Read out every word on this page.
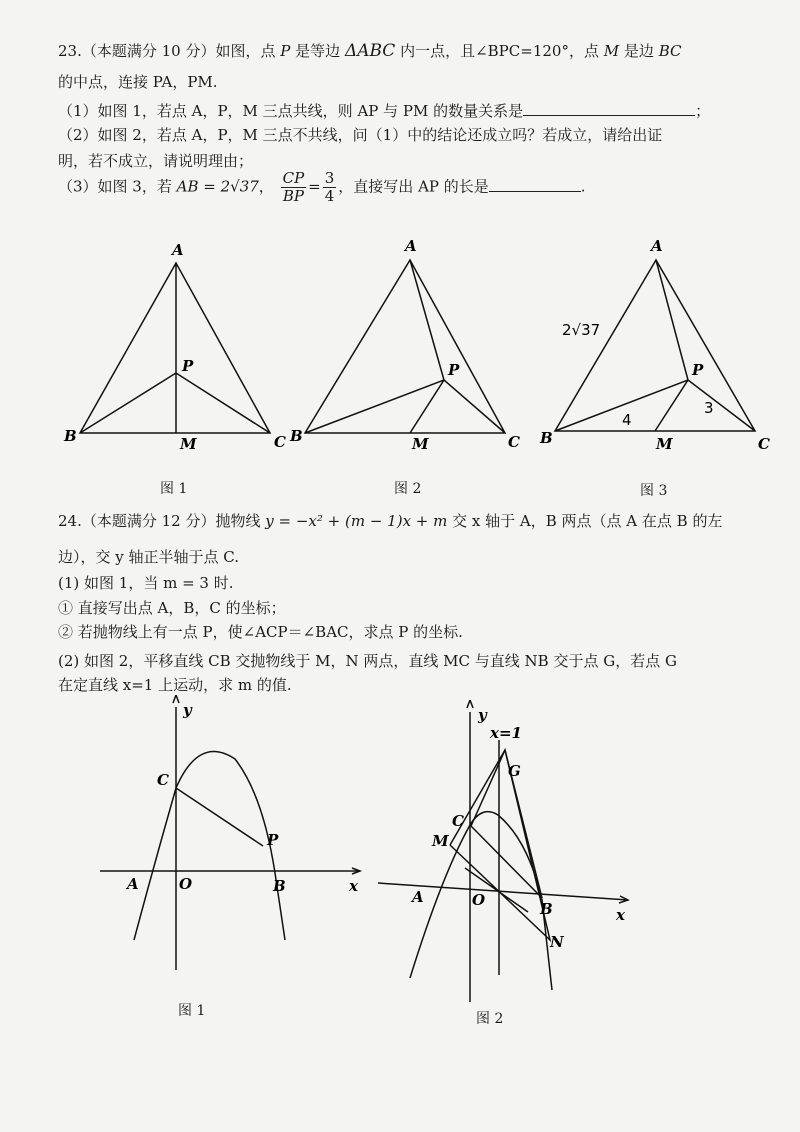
23.（本题满分 10 分）如图，点 P 是等边 ΔABC 内一点，且∠BPC=120°，点 M 是边 BC
的中点，连接 PA，PM.
（1）如图 1，若点 A，P，M 三点共线，则 AP 与 PM 的数量关系是	；
（2）如图 2，若点 A，P，M 三点不共线，问（1）中的结论还成立吗？若成立，请给出证
明，若不成立，请说明理由；
（3）如图 3，若 AB = 2√37， $\frac{CP}{BP} = \frac{3}{4}$ ，直接写出 AP 的长是	.
A
P
B	M	C
A
P
B	M	C
A
P
B	M	C
2√37
4
3
图 1	图 2	图 3
24.（本题满分 12 分）抛物线 y = −x² + (m − 1)x + m 交 x 轴于 A，B 两点（点 A 在点 B 的左
边），交 y 轴正半轴于点 C.
(1) 如图 1，当 m = 3 时.
① 直接写出点 A，B，C 的坐标；
② 若抛物线上有一点 P，使∠ACP＝∠BAC，求点 P 的坐标.
(2) 如图 2，平移直线 CB 交抛物线于 M，N 两点，直线 MC 与直线 NB 交于点 G，若点 G
在定直线 x=1 上运动，求 m 的值.
y
x
C
P
A	O	B
图 1
y
x=1
G
C
M
A	O	B
N
x
图 2
